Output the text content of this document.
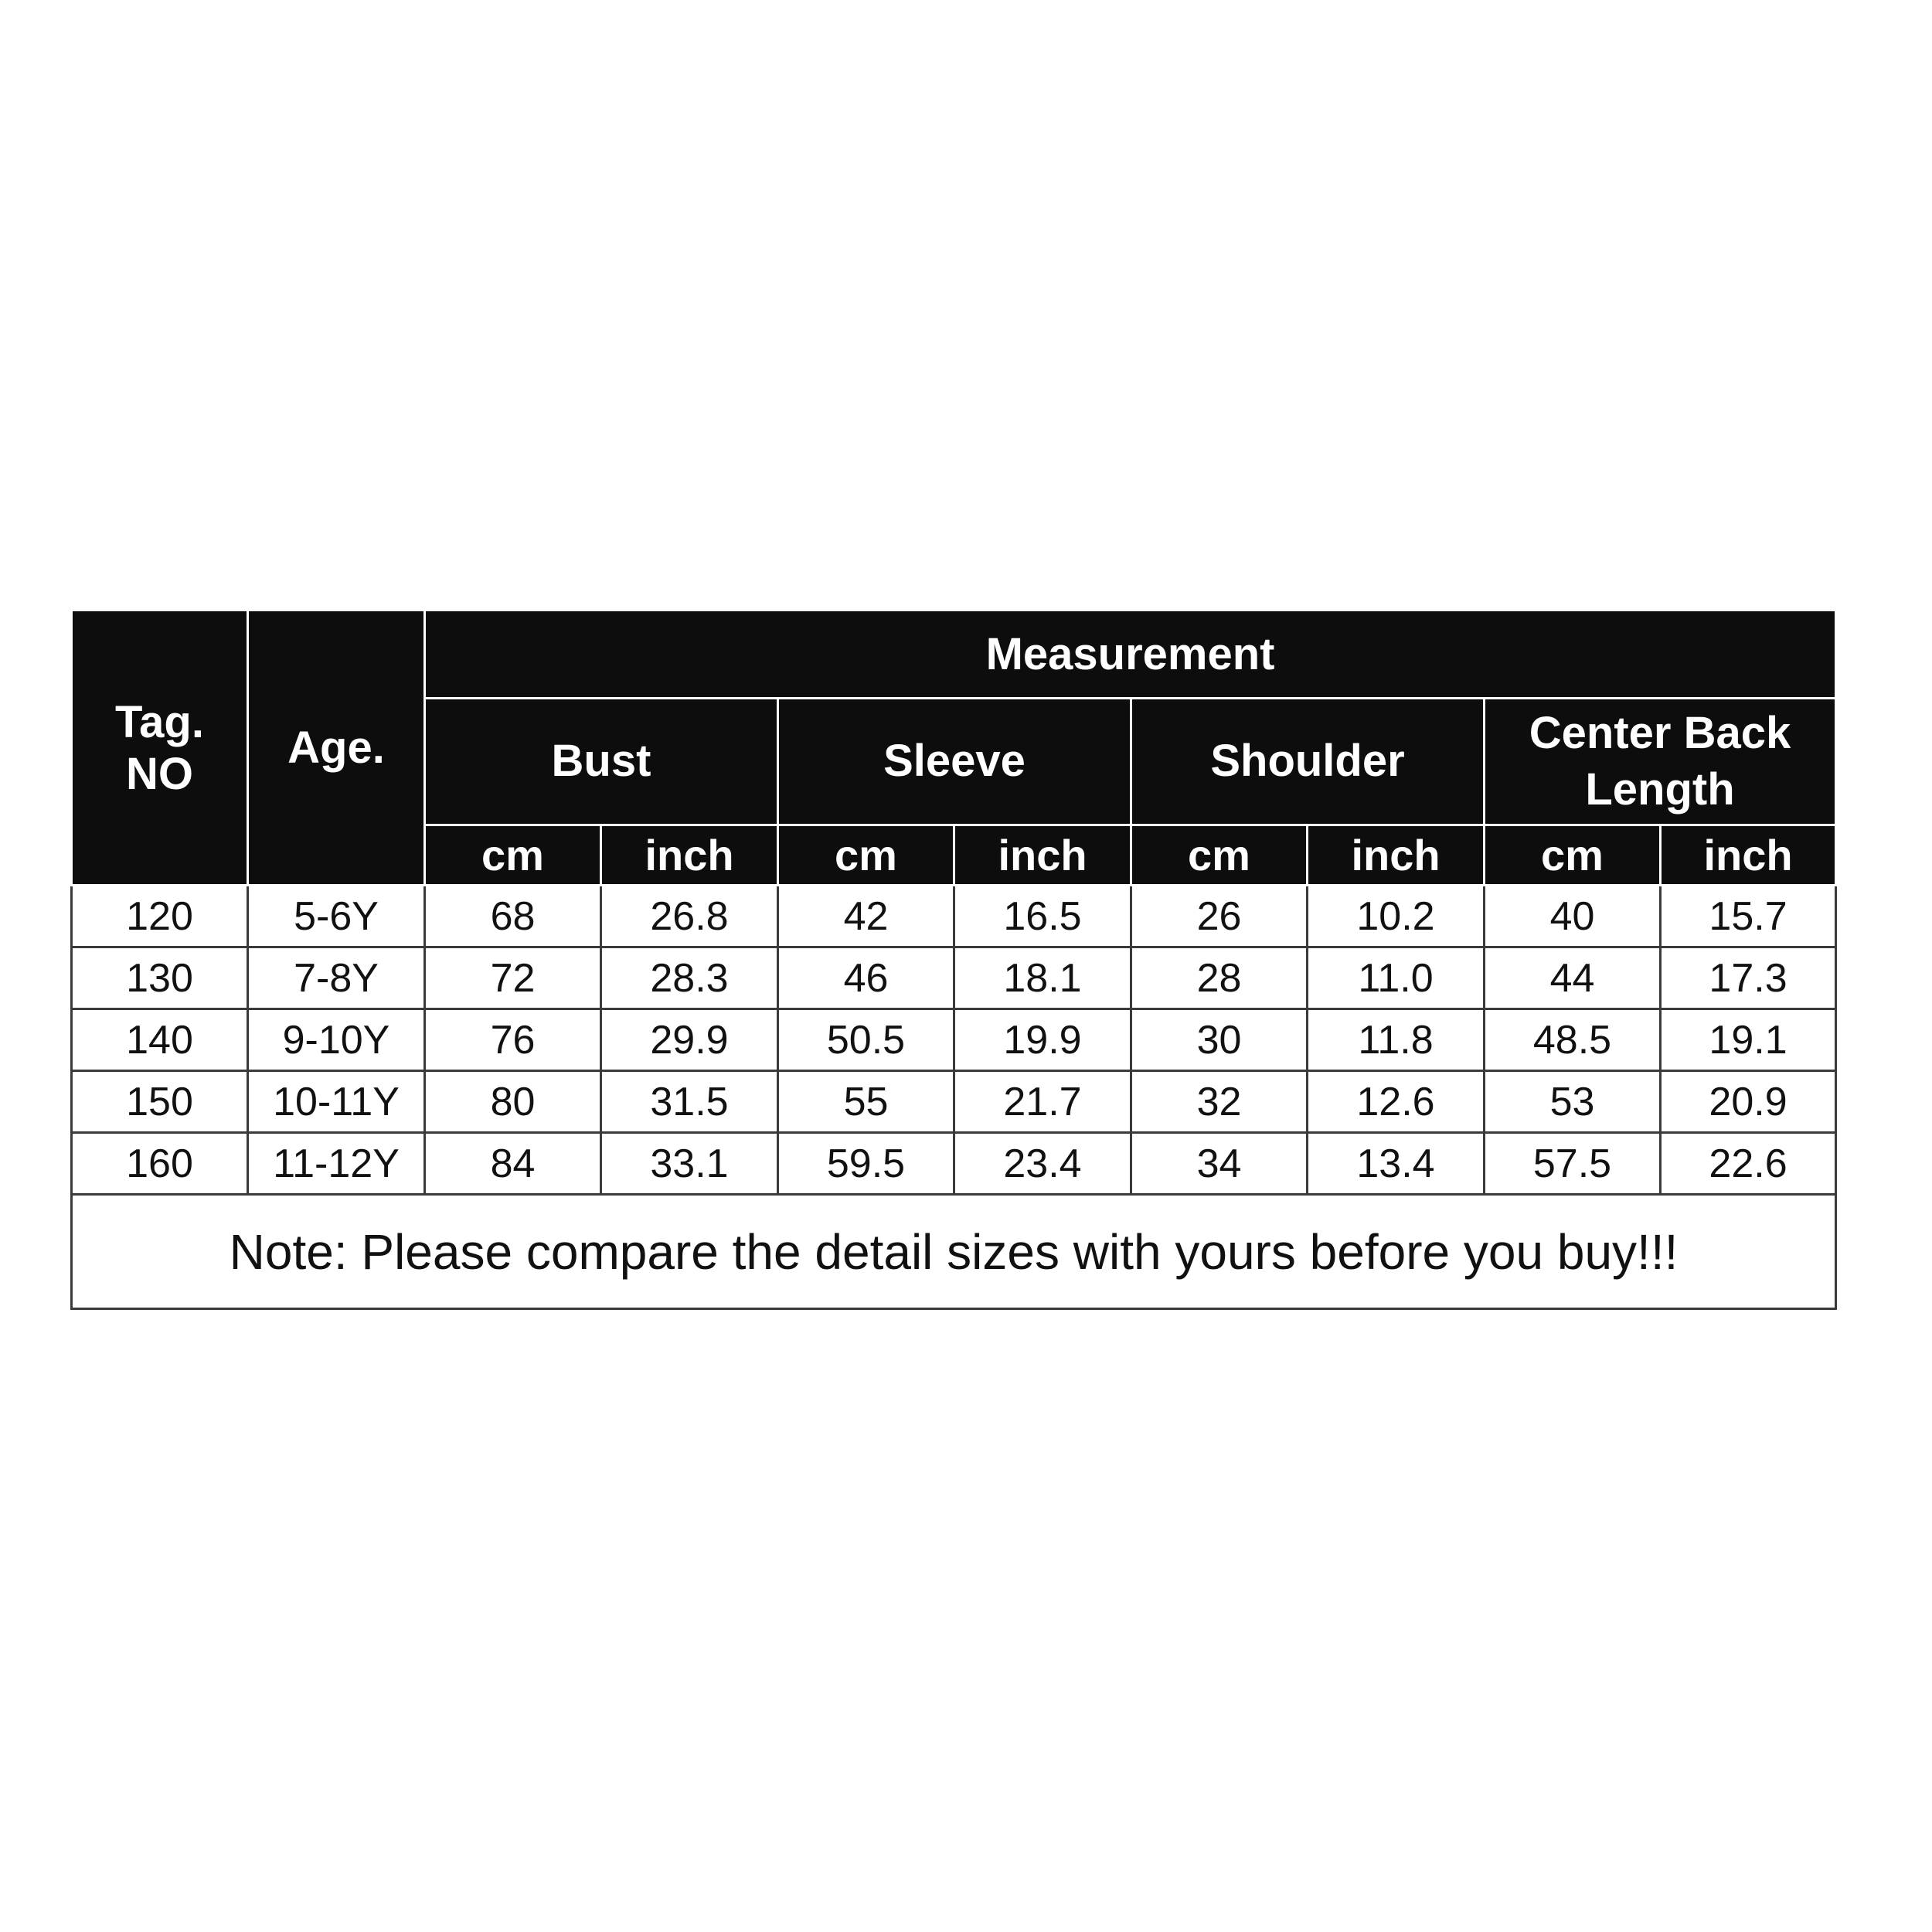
Tag.
NO	Age.	Measurement							
		Bust		Sleeve		Shoulder		Center Back
Length	
		cm	inch	cm	inch	cm	inch	cm	inch
120	5-6Y	68	26.8	42	16.5	26	10.2	40	15.7
130	7-8Y	72	28.3	46	18.1	28	11.0	44	17.3
140	9-10Y	76	29.9	50.5	19.9	30	11.8	48.5	19.1
150	10-11Y	80	31.5	55	21.7	32	12.6	53	20.9
160	11-12Y	84	33.1	59.5	23.4	34	13.4	57.5	22.6
Note: Please compare the detail sizes with yours before you buy!!!									
